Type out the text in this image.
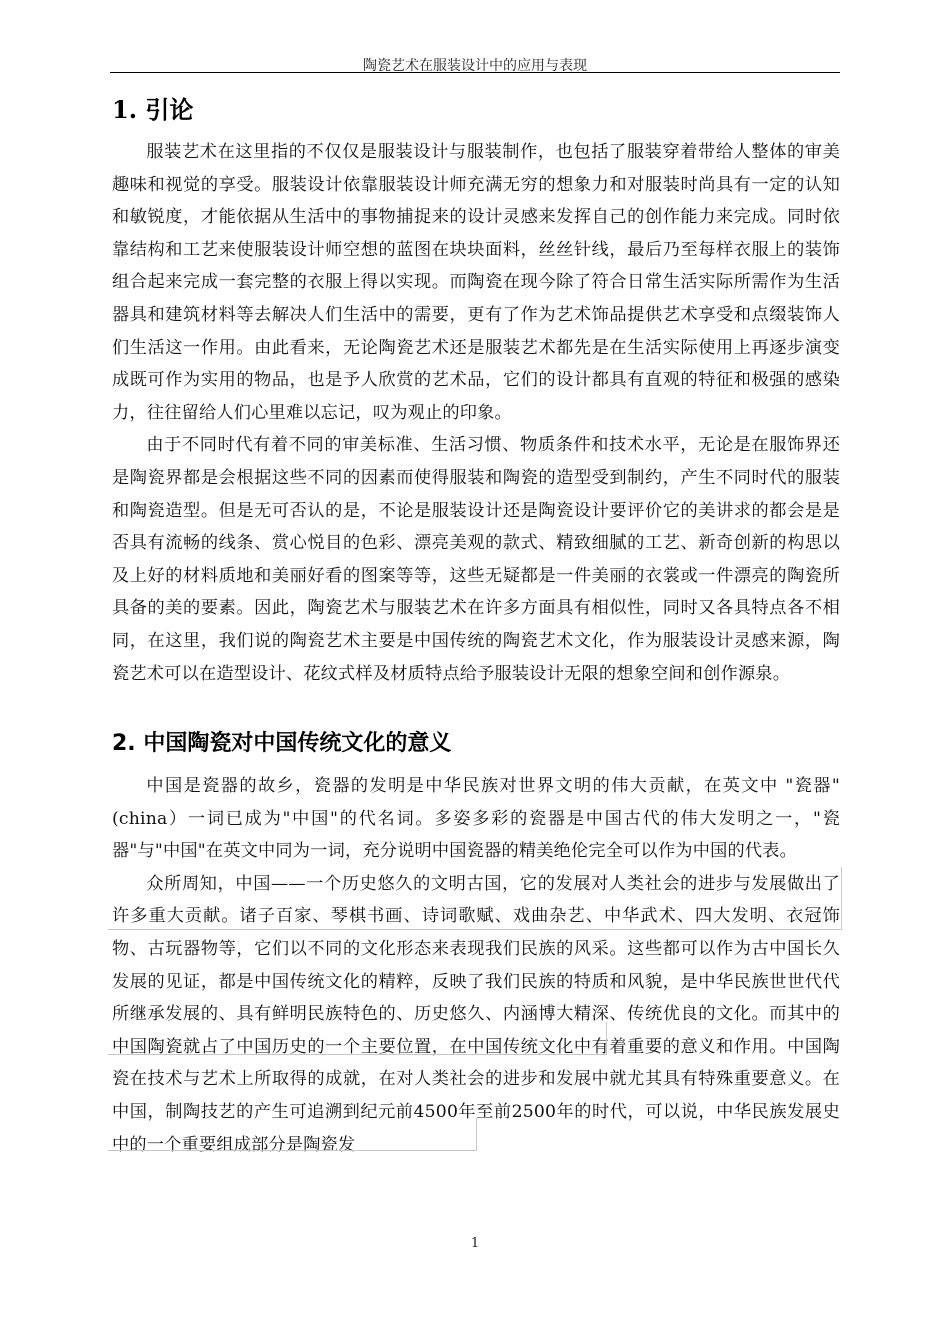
陶瓷艺术在服装设计中的应用与表现
1. 引论

服装艺术在这里指的不仅仅是服装设计与服装制作，也包括了服装穿着带给人整体的审美趣味和视觉的享受。服装设计依靠服装设计师充满无穷的想象力和对服装时尚具有一定的认知和敏锐度，才能依据从生活中的事物捕捉来的设计灵感来发挥自己的创作能力来完成。同时依靠结构和工艺来使服装设计师空想的蓝图在块块面料，丝丝针线，最后乃至每样衣服上的装饰组合起来完成一套完整的衣服上得以实现。而陶瓷在现今除了符合日常生活实际所需作为生活器具和建筑材料等去解决人们生活中的需要，更有了作为艺术饰品提供艺术享受和点缀装饰人们生活这一作用。由此看来，无论陶瓷艺术还是服装艺术都先是在生活实际使用上再逐步演变成既可作为实用的物品，也是予人欣赏的艺术品，它们的设计都具有直观的特征和极强的感染力，往往留给人们心里难以忘记，叹为观止的印象。

由于不同时代有着不同的审美标准、生活习惯、物质条件和技术水平，无论是在服饰界还是陶瓷界都是会根据这些不同的因素而使得服装和陶瓷的造型受到制约，产生不同时代的服装和陶瓷造型。但是无可否认的是，不论是服装设计还是陶瓷设计要评价它的美讲求的都会是是否具有流畅的线条、赏心悦目的色彩、漂亮美观的款式、精致细腻的工艺、新奇创新的构思以及上好的材料质地和美丽好看的图案等等，这些无疑都是一件美丽的衣裳或一件漂亮的陶瓷所具备的美的要素。因此，陶瓷艺术与服装艺术在许多方面具有相似性，同时又各具特点各不相同，在这里，我们说的陶瓷艺术主要是中国传统的陶瓷艺术文化，作为服装设计灵感来源，陶瓷艺术可以在造型设计、花纹式样及材质特点给予服装设计无限的想象空间和创作源泉。

2. 中国陶瓷对中国传统文化的意义

中国是瓷器的故乡，瓷器的发明是中华民族对世界文明的伟大贡献，在英文中 "瓷器"(china）一词已成为"中国"的代名词。多姿多彩的瓷器是中国古代的伟大发明之一，"瓷器"与"中国"在英文中同为一词，充分说明中国瓷器的精美绝伦完全可以作为中国的代表。

众所周知，中国——一个历史悠久的文明古国，它的发展对人类社会的进步与发展做出了许多重大贡献。诸子百家、琴棋书画、诗词歌赋、戏曲杂艺、中华武术、四大发明、衣冠饰物、古玩器物等，它们以不同的文化形态来表现我们民族的风采。这些都可以作为古中国长久发展的见证，都是中国传统文化的精粹，反映了我们民族的特质和风貌，是中华民族世世代代所继承发展的、具有鲜明民族特色的、历史悠久、内涵博大精深、传统优良的文化。而其中的中国陶瓷就占了中国历史的一个主要位置，在中国传统文化中有着重要的意义和作用。中国陶瓷在技术与艺术上所取得的成就，在对人类社会的进步和发展中就尤其具有特殊重要意义。在中国，制陶技艺的产生可追溯到纪元前4500年至前2500年的时代，可以说，中华民族发展史中的一个重要组成部分是陶瓷发

1
